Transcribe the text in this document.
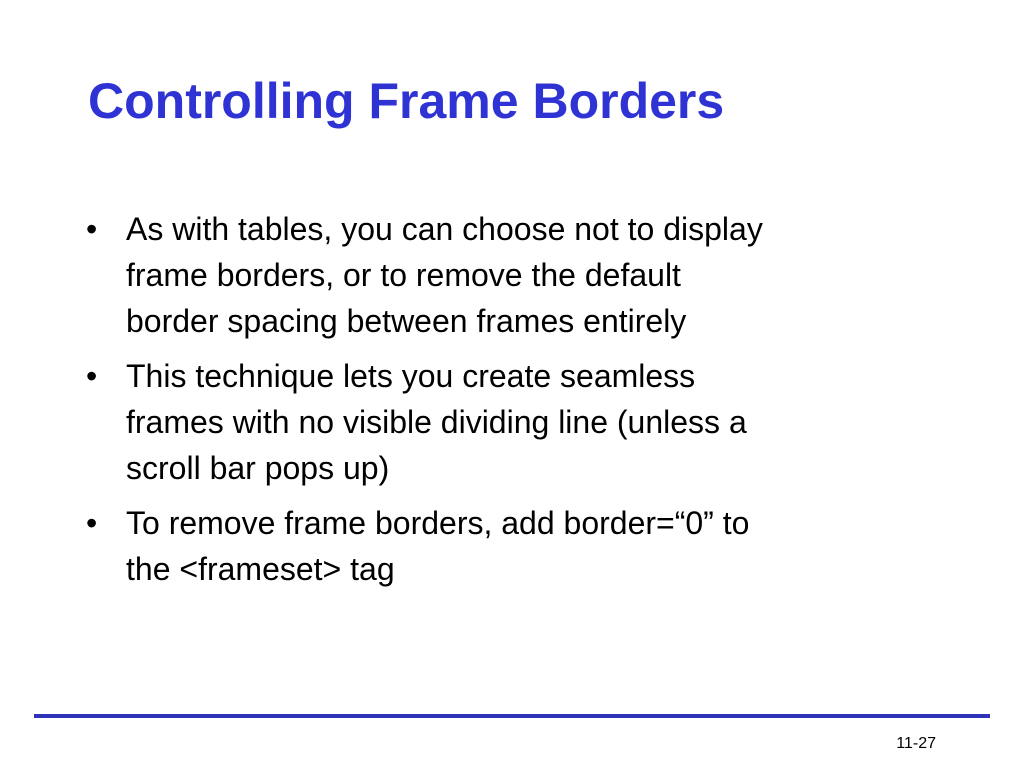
Controlling Frame Borders
• As with tables, you can choose not to display
frame borders, or to remove the default
border spacing between frames entirely
• This technique lets you create seamless
frames with no visible dividing line (unless a
scroll bar pops up)
• To remove frame borders, add border=“0” to
the <frameset> tag
11-27
